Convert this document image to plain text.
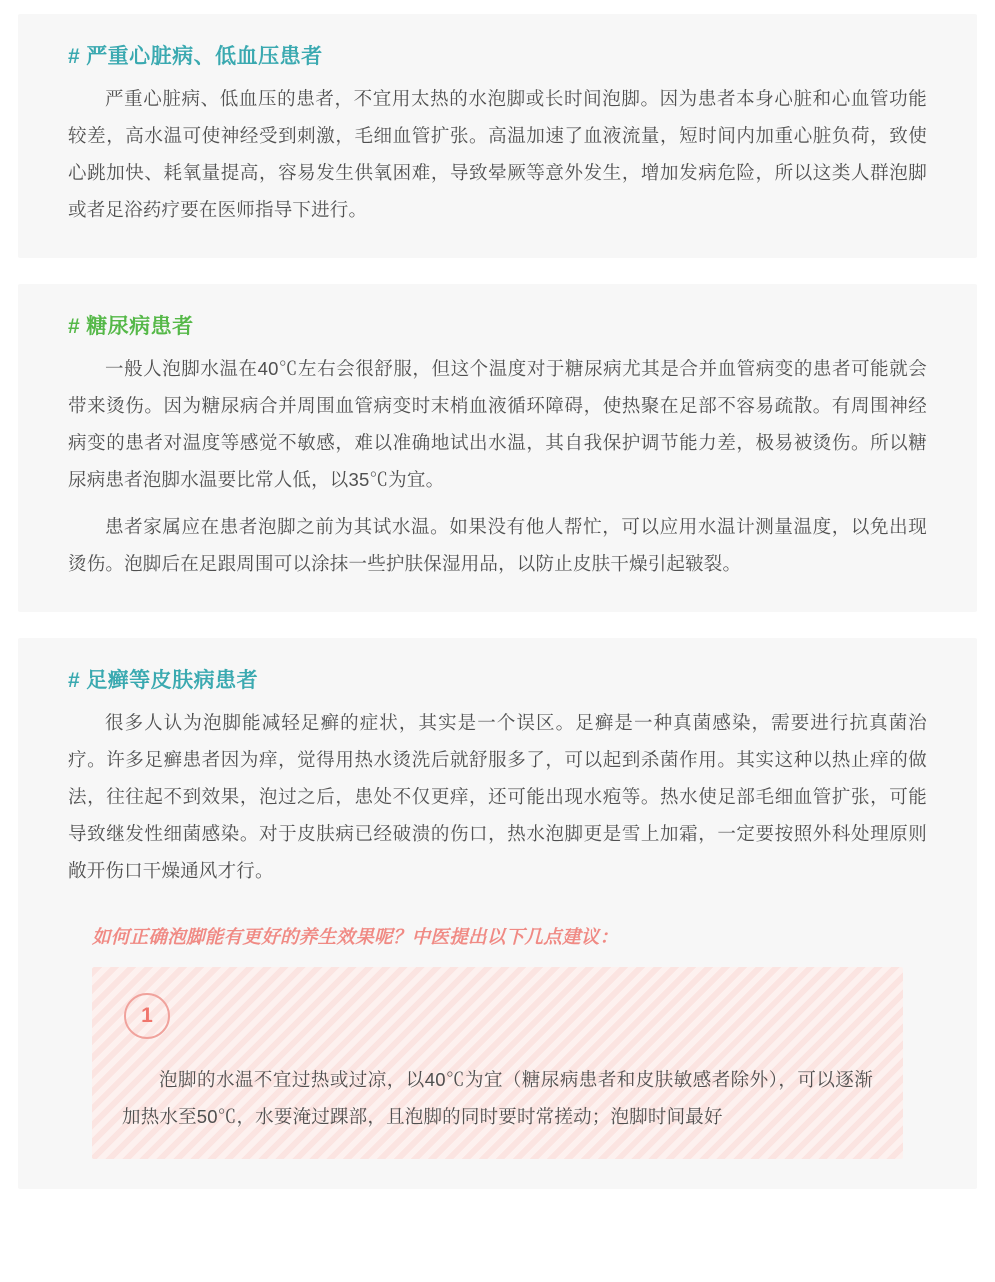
# 严重心脏病、低血压患者

严重心脏病、低血压的患者，不宜用太热的水泡脚或长时间泡脚。因为患者本身心脏和心血管功能较差，高水温可使神经受到刺激，毛细血管扩张。高温加速了血液流量，短时间内加重心脏负荷，致使心跳加快、耗氧量提高，容易发生供氧困难，导致晕厥等意外发生，增加发病危险，所以这类人群泡脚或者足浴药疗要在医师指导下进行。

# 糖尿病患者

一般人泡脚水温在40℃左右会很舒服，但这个温度对于糖尿病尤其是合并血管病变的患者可能就会带来烫伤。因为糖尿病合并周围血管病变时末梢血液循环障碍，使热聚在足部不容易疏散。有周围神经病变的患者对温度等感觉不敏感，难以准确地试出水温，其自我保护调节能力差，极易被烫伤。所以糖尿病患者泡脚水温要比常人低，以35℃为宜。

患者家属应在患者泡脚之前为其试水温。如果没有他人帮忙，可以应用水温计测量温度，以免出现烫伤。泡脚后在足跟周围可以涂抹一些护肤保湿用品，以防止皮肤干燥引起皲裂。

# 足癣等皮肤病患者

很多人认为泡脚能减轻足癣的症状，其实是一个误区。足癣是一种真菌感染，需要进行抗真菌治疗。许多足癣患者因为痒，觉得用热水烫洗后就舒服多了，可以起到杀菌作用。其实这种以热止痒的做法，往往起不到效果，泡过之后，患处不仅更痒，还可能出现水疱等。热水使足部毛细血管扩张，可能导致继发性细菌感染。对于皮肤病已经破溃的伤口，热水泡脚更是雪上加霜，一定要按照外科处理原则敞开伤口干燥通风才行。

如何正确泡脚能有更好的养生效果呢？中医提出以下几点建议：
1
泡脚的水温不宜过热或过凉，以40℃为宜（糖尿病患者和皮肤敏感者除外），可以逐渐加热水至50℃，水要淹过踝部，且泡脚的同时要时常搓动；泡脚时间最好
